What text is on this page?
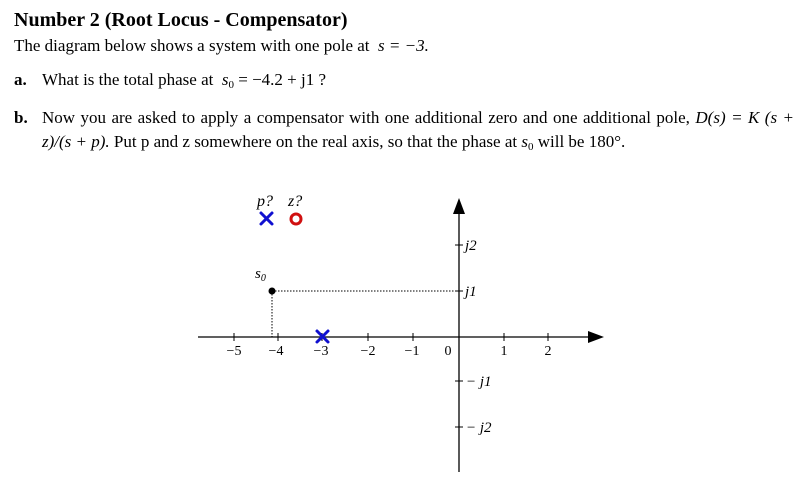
Number 2 (Root Locus - Compensator)
The diagram below shows a system with one pole at s = −3.
a. What is the total phase at $s_0 = -4.2 + j1$ ?
b. Now you are asked to apply a compensator with one additional zero and one additional pole, D(s) = K (s + z)/(s + p). Put p and z somewhere on the real axis, so that the phase at $s_0$ will be 180°.
−5 −4 −3 −2 −1 0	1	2
j2
j1
− j1
− j2
$s_0$
p? z?
